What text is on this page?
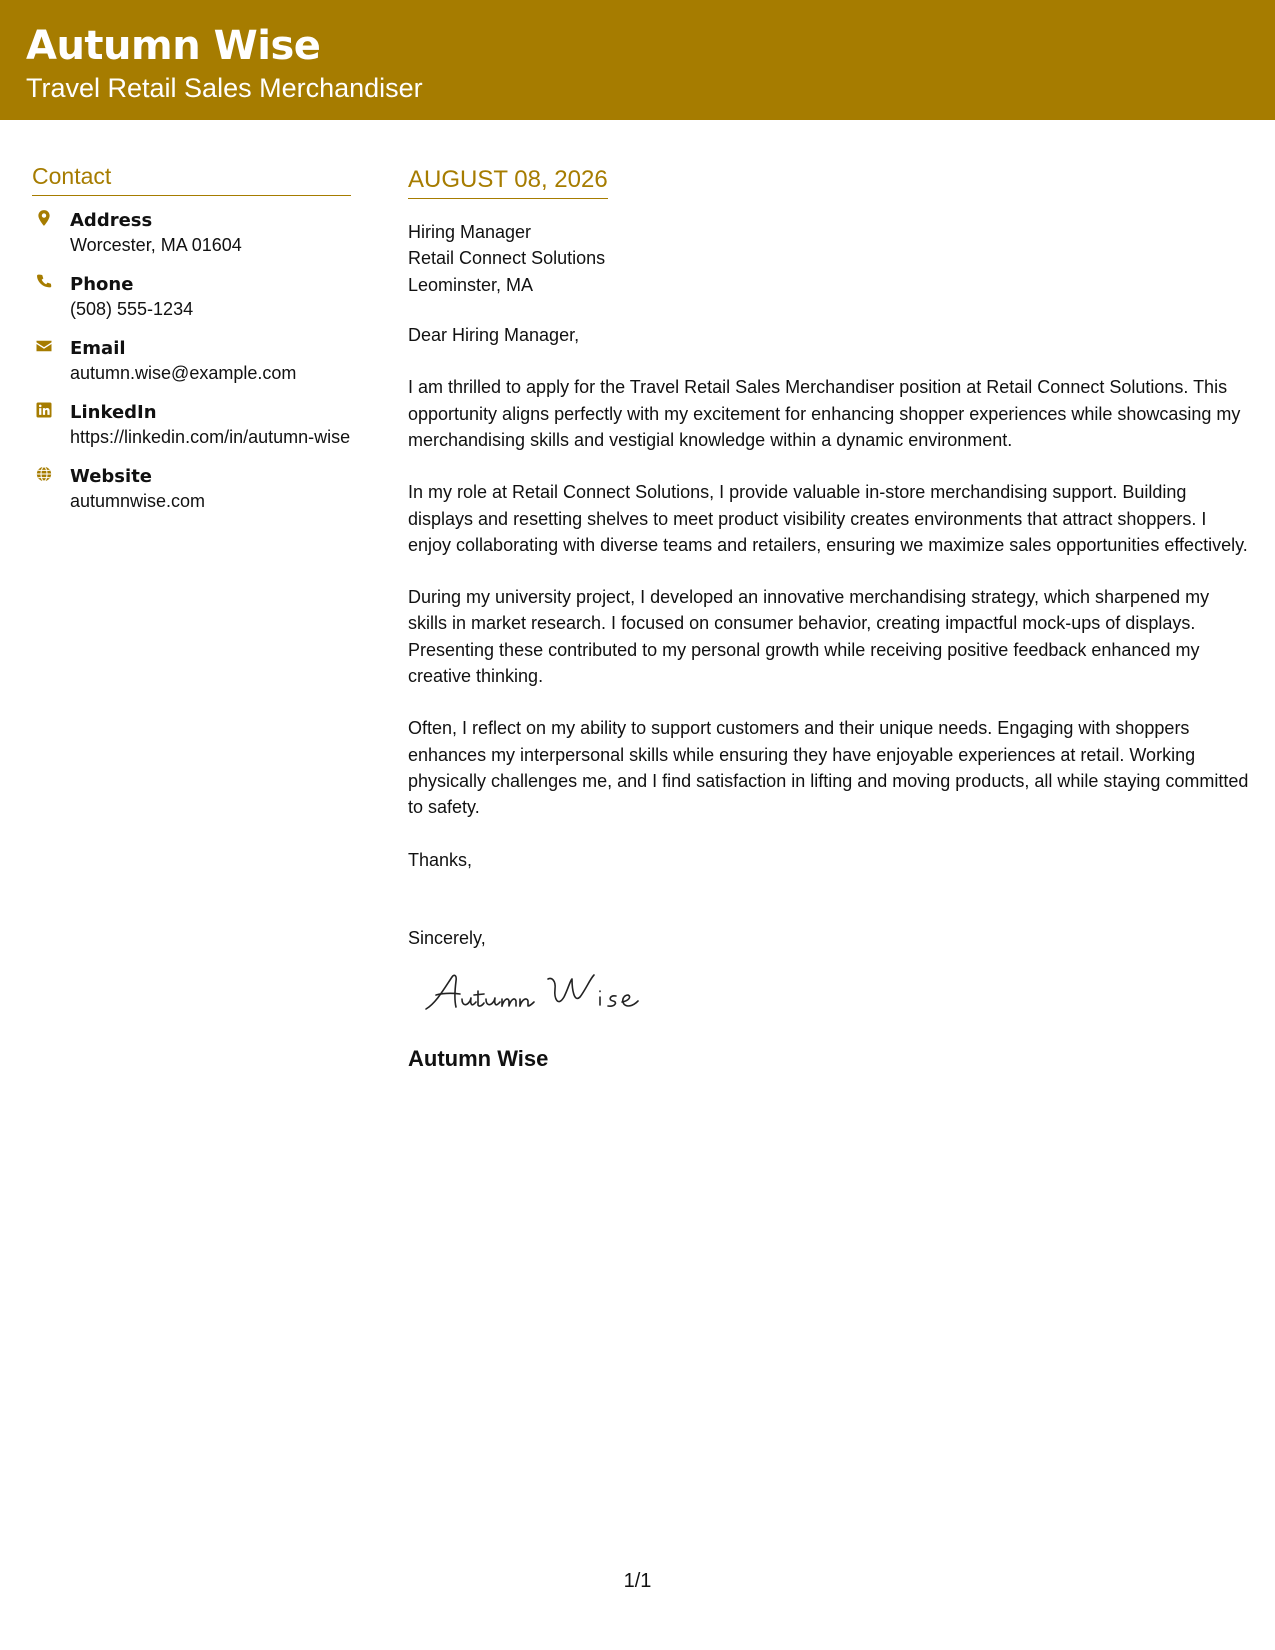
Autumn Wise
Travel Retail Sales Merchandiser
Contact
Address
Worcester, MA 01604
Phone
(508) 555-1234
Email
autumn.wise@example.com
LinkedIn
https://linkedin.com/in/autumn-wise
Website
autumnwise.com
AUGUST 08, 2026
Hiring Manager
Retail Connect Solutions
Leominster, MA
Dear Hiring Manager,

I am thrilled to apply for the Travel Retail Sales Merchandiser position at Retail Connect Solutions. This opportunity aligns perfectly with my excitement for enhancing shopper experiences while showcasing my merchandising skills and vestigial knowledge within a dynamic environment.

In my role at Retail Connect Solutions, I provide valuable in-store merchandising support. Building displays and resetting shelves to meet product visibility creates environments that attract shoppers. I enjoy collaborating with diverse teams and retailers, ensuring we maximize sales opportunities effectively.

During my university project, I developed an innovative merchandising strategy, which sharpened my skills in market research. I focused on consumer behavior, creating impactful mock-ups of displays. Presenting these contributed to my personal growth while receiving positive feedback enhanced my creative thinking.

Often, I reflect on my ability to support customers and their unique needs. Engaging with shoppers enhances my interpersonal skills while ensuring they have enjoyable experiences at retail. Working physically challenges me, and I find satisfaction in lifting and moving products, all while staying committed to safety.

Thanks,
Sincerely,
Autumn Wise
1/1
